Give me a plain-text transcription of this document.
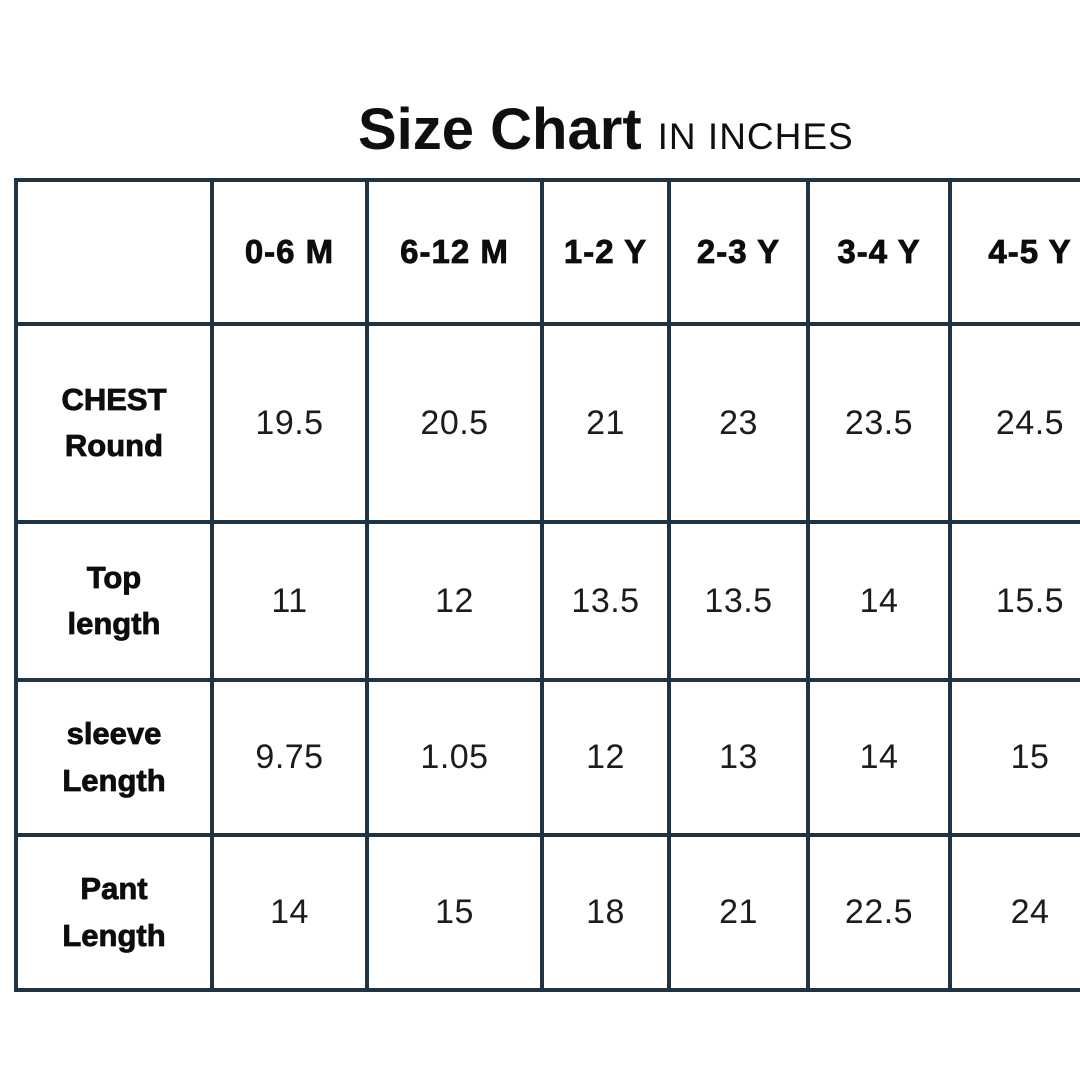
Size Chart IN INCHES
	0-6 M	6-12 M	1-2 Y	2-3 Y	3-4 Y	4-5 Y

CHEST
Round	19.5	20.5	21	23	23.5	24.5

Top
length	11	12	13.5	13.5	14	15.5

sleeve
Length	9.75	1.05	12	13	14	15

Pant
Length	14	15	18	21	22.5	24
